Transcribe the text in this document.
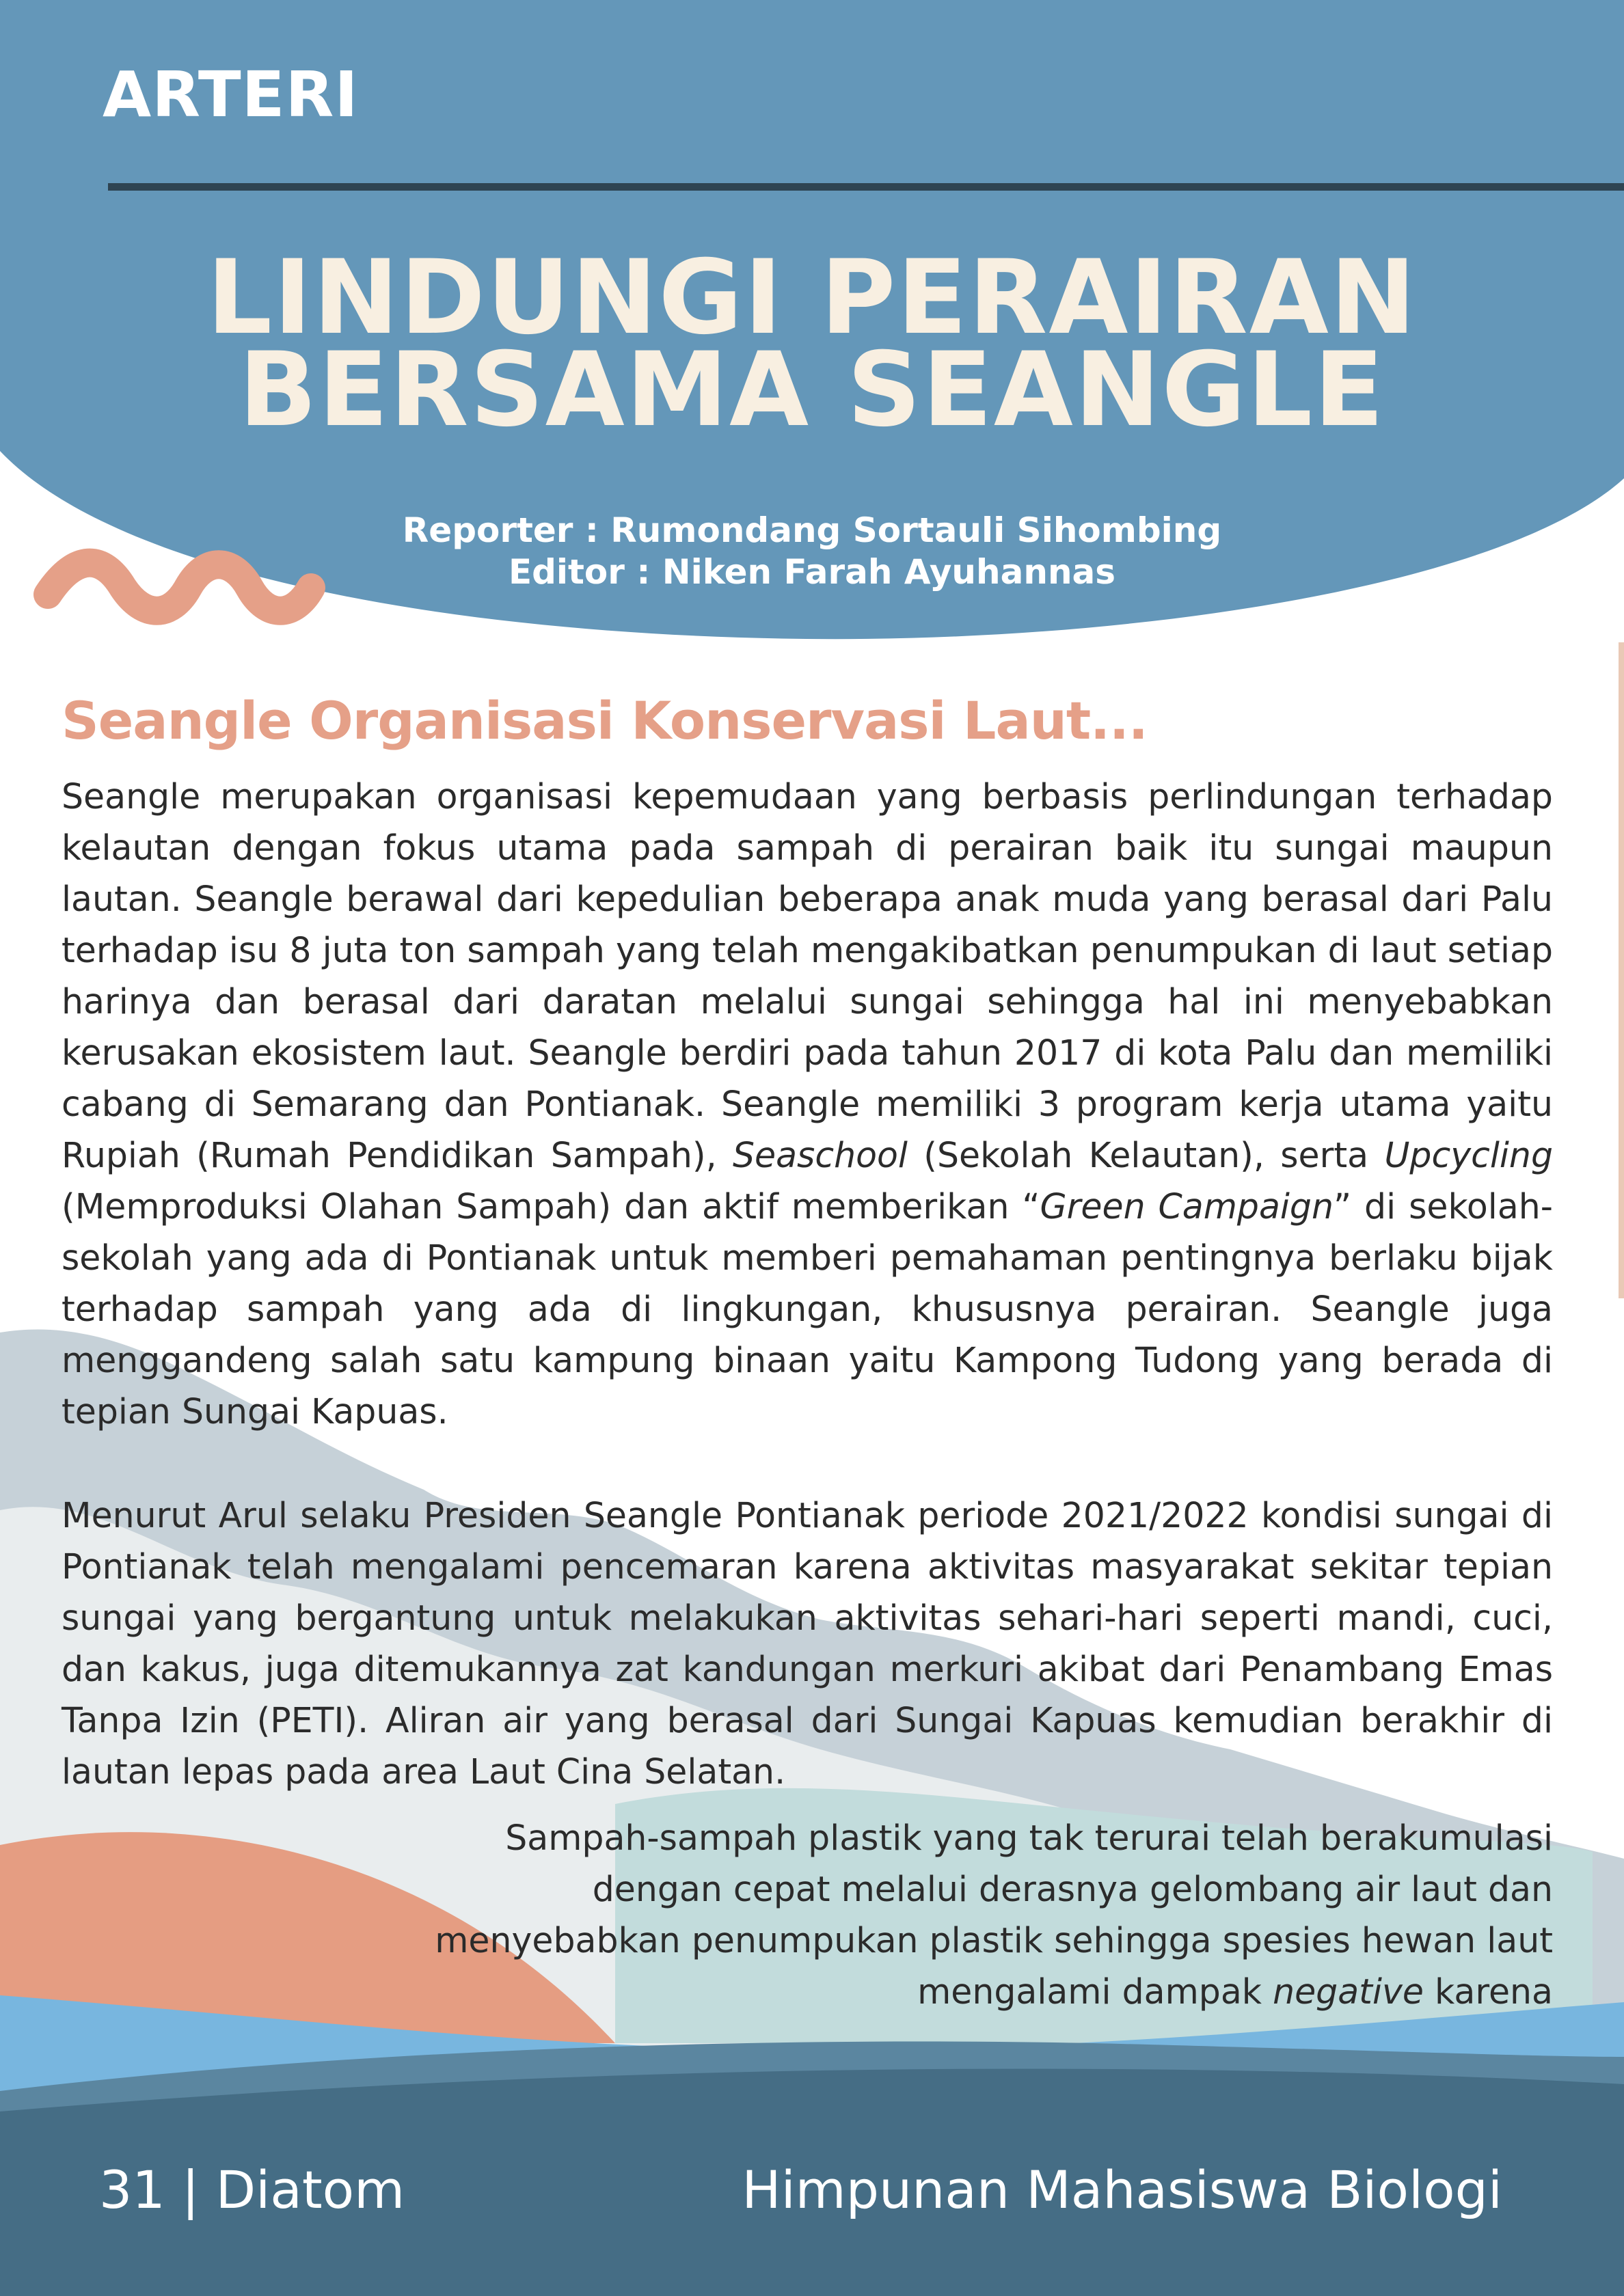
ARTERI
LINDUNGI PERAIRAN
BERSAMA SEANGLE
Reporter : Rumondang Sortauli Sihombing
Editor : Niken Farah Ayuhannas
Seangle Organisasi Konservasi Laut...
Seangle merupakan organisasi kepemudaan yang berbasis perlindungan terhadap kelautan dengan fokus utama pada sampah di perairan baik itu sungai maupun lautan. Seangle berawal dari kepedulian beberapa anak muda yang berasal dari Palu terhadap isu 8 juta ton sampah yang telah mengakibatkan penumpukan di laut setiap harinya dan berasal dari daratan melalui sungai sehingga hal ini menyebabkan kerusakan ekosistem laut. Seangle berdiri pada tahun 2017 di kota Palu dan memiliki cabang di Semarang dan Pontianak. Seangle memiliki 3 program kerja utama yaitu Rupiah (Rumah Pendidikan Sampah), Seaschool (Sekolah Kelautan), serta Upcycling (Memproduksi Olahan Sampah) dan aktif memberikan “Green Campaign” di sekolah-sekolah yang ada di Pontianak untuk memberi pemahaman pentingnya berlaku bijak terhadap sampah yang ada di lingkungan, khususnya perairan. Seangle juga menggandeng salah satu kampung binaan yaitu Kampong Tudong yang berada di tepian Sungai Kapuas.
Menurut Arul selaku Presiden Seangle Pontianak periode 2021/2022 kondisi sungai di Pontianak telah mengalami pencemaran karena aktivitas masyarakat sekitar tepian sungai yang bergantung untuk melakukan aktivitas sehari-hari seperti mandi, cuci, dan kakus, juga ditemukannya zat kandungan merkuri akibat dari Penambang Emas Tanpa Izin (PETI). Aliran air yang berasal dari Sungai Kapuas kemudian berakhir di lautan lepas pada area Laut Cina Selatan.
Sampah-sampah plastik yang tak terurai telah berakumulasi dengan cepat melalui derasnya gelombang air laut dan menyebabkan penumpukan plastik sehingga spesies hewan laut mengalami dampak negative karena
31 | Diatom	Himpunan Mahasiswa Biologi
